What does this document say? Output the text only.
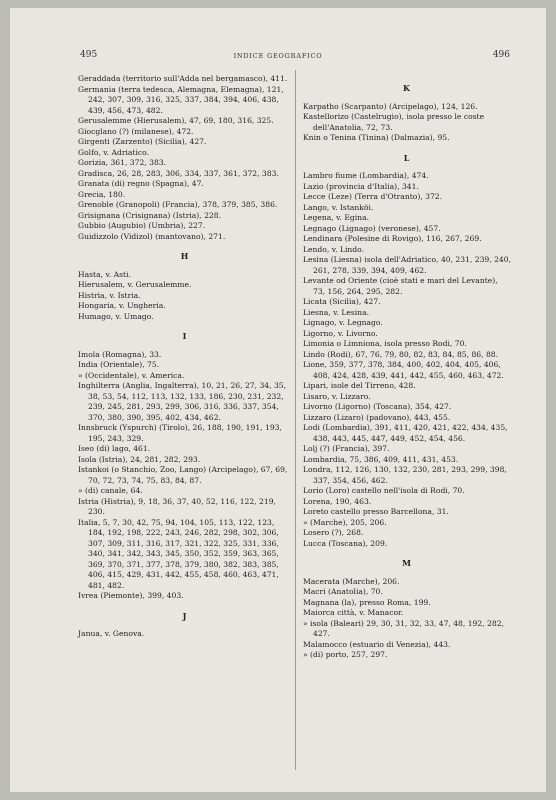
495	INDICE GEOGRAFICO	496
Geraddada (territorio sull'Adda nel bergamasco), 411.
Germania (terra tedesca, Alemagna, Elemagna), 121, 242, 307, 309, 316, 325, 337, 384, 394, 406, 438, 439, 456, 473, 482.
Gerusalemme (Hierusalem), 47, 69, 180, 316, 325.
Giocglano (?) (milanese), 472.
Girgenti (Zarzento) (Sicilia), 427.
Golfo, v. Adriatico.
Gorizia, 361, 372, 383.
Gradisca, 26, 28, 283, 306, 334, 337, 361, 372, 383.
Granata (di) regno (Spagna), 47.
Grecia, 180.
Grenoble (Granopoli) (Francia), 378, 379, 385, 386.
Grisignana (Crisignana) (Istria), 228.
Gubbio (Augubio) (Umbria), 227.
Guidizzolo (Vidizol) (mantovano), 271.
H
Hasta, v. Asti.
Hierusalem, v. Gerusalemme.
Histria, v. Istria.
Hongaria, v. Ungheria.
Humago, v. Umago.
I
Imola (Romagna), 33.
India (Orientale), 75.
» (Occidentale), v. America.
Inghilterra (Anglia, Ingalterra), 10, 21, 26, 27, 34, 35, 38, 53, 54, 112, 113, 132, 133, 186, 230, 231, 232, 239, 245, 281, 293, 299, 306, 316, 336, 337, 354, 370, 380, 390, 395, 402, 434, 462.
Innsbruck (Yspurch) (Tirolo), 26, 188, 190, 191, 193, 195, 243, 329.
Iseo (di) lago, 461.
Isola (Istria), 24, 281, 282, 293.
Istankoi (o Stanchio, Zoo, Lango) (Arcipelago), 67, 69, 70, 72, 73, 74, 75, 83, 84, 87.
» (di) canale, 64.
Istria (Histria), 9, 18, 36, 37, 40, 52, 116, 122, 219, 230.
Italia, 5, 7, 30, 42, 75, 94, 104, 105, 113, 122, 123, 184, 192, 198, 222, 243, 246, 282, 298, 302, 306, 307, 309, 311, 316, 317, 321, 322, 325, 331, 336, 340, 341, 342, 343, 345, 350, 352, 359, 363, 365, 369, 370, 371, 377, 378, 379, 380, 382, 383, 385, 406, 415, 429, 431, 442, 455, 458, 460, 463, 471, 481, 482.
Ivrea (Piemonte), 399, 403.
J
Janua, v. Genova.
K
Karpatho (Scarpanto) (Arcipelago), 124, 126.
Kastellorizo (Castelrugio), isola presso le coste dell'Anatolia, 72, 73.
Knin o Tenina (Tinina) (Dalmazia), 95.
L
Lambro fiume (Lombardia), 474.
Lazio (provincia d'Italia), 341.
Lecce (Leze) (Terra d'Otranto), 372.
Lango, v. Istanköi.
Legena, v. Egina.
Legnago (Lignago) (veronese), 457.
Lendinara (Polesine di Rovigo), 116, 267, 269.
Lendo, v. Lindo.
Lesina (Liesna) isola dell'Adriatico, 40, 231, 239, 240, 261, 278, 339, 394, 409, 462.
Levante od Oriente (cioè stati e mari del Levante), 73, 156, 264, 295, 282.
Licata (Sicilia), 427.
Liesna, v. Lesina.
Lignago, v. Legnago.
Ligorno, v. Livorno.
Limonia o Limniona, isola presso Rodi, 70.
Lindo (Rodi), 67, 76, 79, 80, 82, 83, 84, 85, 86, 88.
Lione, 359, 377, 378, 384, 400, 402, 404, 405, 406, 408, 424, 428, 439, 441, 442, 455, 460, 463, 472.
Lipari, isole del Tirreno, 428.
Lisaro, v. Lizzaro.
Livorno (Ligorno) (Toscana), 354, 427.
Lizzaro (Lizaro) (padovano), 443, 455.
Lodi (Lombardia), 391, 411, 420, 421, 422, 434, 435, 438, 443, 445, 447, 449, 452, 454, 456.
Lolj (?) (Francia), 397.
Lombardia, 75, 386, 409, 411, 431, 453.
Londra, 112, 126, 130, 132, 230, 281, 293, 299, 398, 337, 354, 456, 462.
Lorio (Loro) castello nell'isola di Rodi, 70.
Lorena, 190, 463.
Loreto castello presso Barcellona, 31.
» (Marche), 205, 206.
Losero (?), 268.
Lucca (Toscana), 209.
M
Macerata (Marche), 206.
Macri (Anatolia), 70.
Magnana (la), presso Roma, 199.
Maiorca città, v. Manacor.
» isola (Baleari) 29, 30, 31, 32, 33, 47, 48, 192, 282, 427.
Malamocco (estuario di Venezia), 443.
» (di) porto, 257, 297.
